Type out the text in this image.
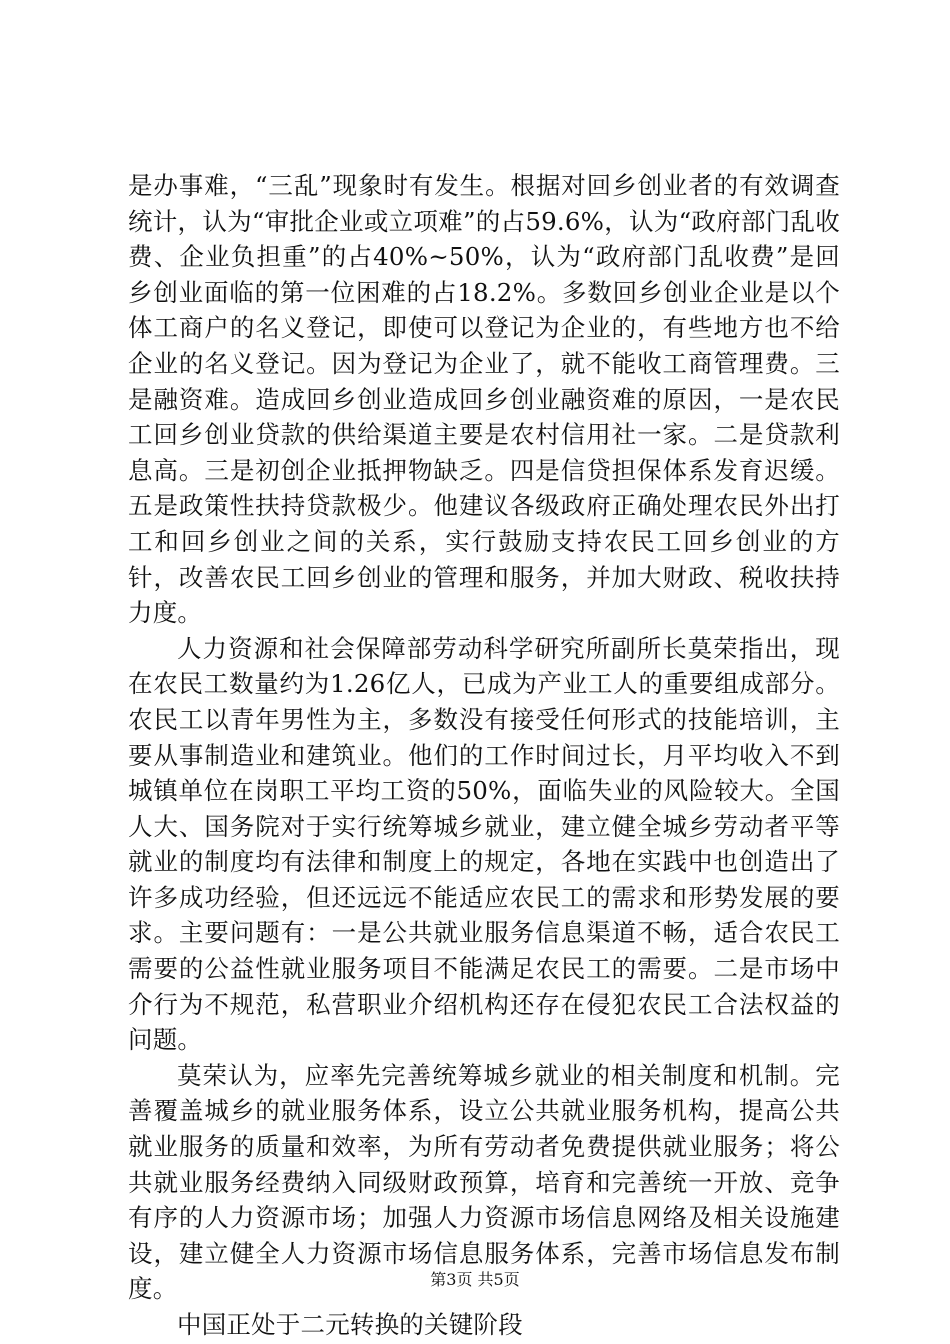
是办事难，“三乱”现象时有发生。根据对回乡创业者的有效调查统计，认为“审批企业或立项难”的占59.6%，认为“政府部门乱收费、企业负担重”的占40%~50%，认为“政府部门乱收费”是回乡创业面临的第一位困难的占18.2%。多数回乡创业企业是以个体工商户的名义登记，即使可以登记为企业的，有些地方也不给企业的名义登记。因为登记为企业了，就不能收工商管理费。三是融资难。造成回乡创业造成回乡创业融资难的原因，一是农民工回乡创业贷款的供给渠道主要是农村信用社一家。二是贷款利息高。三是初创企业抵押物缺乏。四是信贷担保体系发育迟缓。五是政策性扶持贷款极少。他建议各级政府正确处理农民外出打工和回乡创业之间的关系，实行鼓励支持农民工回乡创业的方针，改善农民工回乡创业的管理和服务，并加大财政、税收扶持力度。

人力资源和社会保障部劳动科学研究所副所长莫荣指出，现在农民工数量约为1.26亿人，已成为产业工人的重要组成部分。农民工以青年男性为主，多数没有接受任何形式的技能培训，主要从事制造业和建筑业。他们的工作时间过长，月平均收入不到城镇单位在岗职工平均工资的50%，面临失业的风险较大。全国人大、国务院对于实行统筹城乡就业，建立健全城乡劳动者平等就业的制度均有法律和制度上的规定，各地在实践中也创造出了许多成功经验，但还远远不能适应农民工的需求和形势发展的要求。主要问题有：一是公共就业服务信息渠道不畅，适合农民工需要的公益性就业服务项目不能满足农民工的需要。二是市场中介行为不规范，私营职业介绍机构还存在侵犯农民工合法权益的问题。

莫荣认为，应率先完善统筹城乡就业的相关制度和机制。完善覆盖城乡的就业服务体系，设立公共就业服务机构，提高公共就业服务的质量和效率，为所有劳动者免费提供就业服务；将公共就业服务经费纳入同级财政预算，培育和完善统一开放、竞争有序的人力资源市场；加强人力资源市场信息网络及相关设施建设，建立健全人力资源市场信息服务体系，完善市场信息发布制度。

中国正处于二元转换的关键阶段

第3页 共5页
